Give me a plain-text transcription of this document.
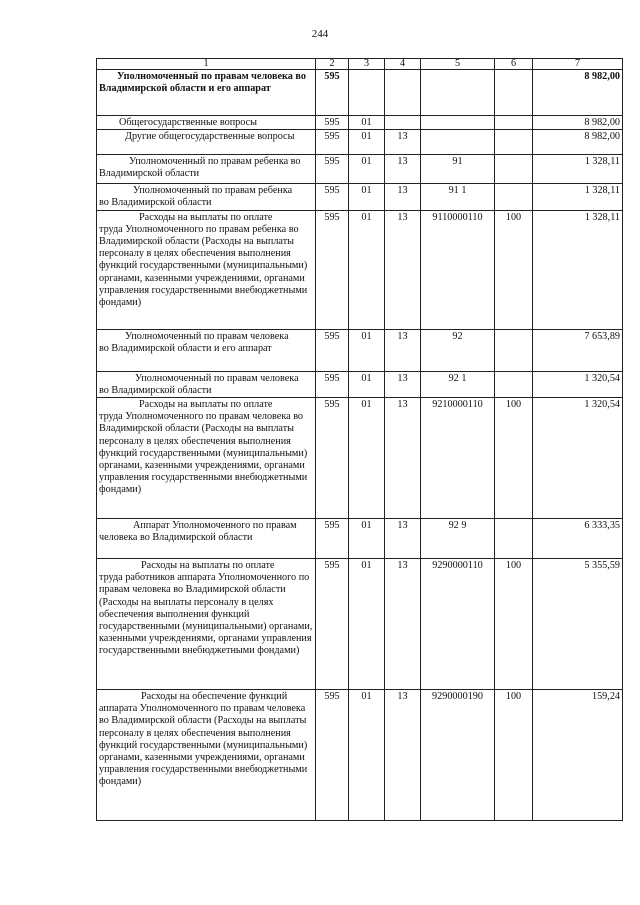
244
1	2	3	4	5	6	7

Уполномоченный по правам человека во
Владимирской области и его аппарат	595					8 982,00

Общегосударственные вопросы	595	01				8 982,00

Другие общегосударственные вопросы	595	01	13			8 982,00

Уполномоченный по правам ребенка во
Владимирской области	595	01	13	91		1 328,11

Уполномоченный по правам ребенка
во Владимирской области	595	01	13	91 1		1 328,11

Расходы на выплаты по оплате
труда Уполномоченного по правам ребенка во Владимирской области (Расходы на выплаты персоналу в целях обеспечения выполнения функций государственными (муниципальными) органами, казенными учреждениями, органами управления государственными внебюджетными фондами)	595	01	13	9110000110	100	1 328,11

Уполномоченный по правам человека
во Владимирской области и его аппарат	595	01	13	92		7 653,89

Уполномоченный по правам человека
во Владимирской области	595	01	13	92 1		1 320,54

Расходы на выплаты по оплате
труда Уполномоченного по правам человека во Владимирской области (Расходы на выплаты персоналу в целях обеспечения выполнения функций государственными (муниципальными) органами, казенными учреждениями, органами управления государственными внебюджетными фондами)	595	01	13	9210000110	100	1 320,54

Аппарат Уполномоченного по правам
человека во Владимирской области	595	01	13	92 9		6 333,35

Расходы на выплаты по оплате
труда работников аппарата Уполномоченного по правам человека во Владимирской области (Расходы на выплаты персоналу в целях обеспечения выполнения функций государственными (муниципальными) органами, казенными учреждениями, органами управления государственными внебюджетными фондами)	595	01	13	9290000110	100	5 355,59

Расходы на обеспечение функций
аппарата Уполномоченного по правам человека во Владимирской области (Расходы на выплаты персоналу в целях обеспечения выполнения функций государственными (муниципальными) органами, казенными учреждениями, органами управления государственными внебюджетными фондами)	595	01	13	9290000190	100	159,24
